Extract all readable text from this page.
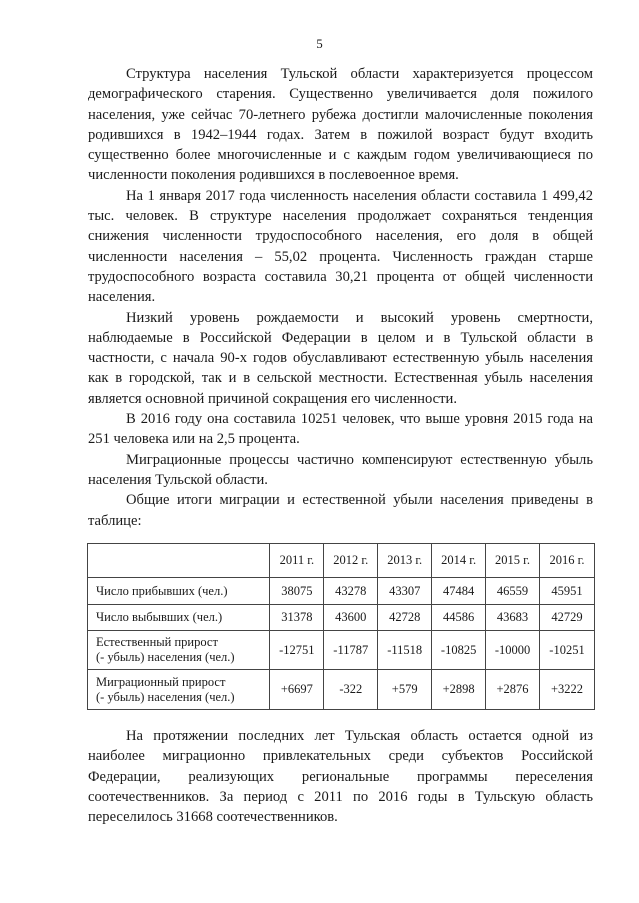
5

Структура населения Тульской области характеризуется процессом демографического старения. Существенно увеличивается доля пожилого населения, уже сейчас 70-летнего рубежа достигли малочисленные поколения родившихся в 1942–1944 годах. Затем в пожилой возраст будут входить существенно более многочисленные и с каждым годом увеличивающиеся по численности поколения родившихся в послевоенное время.

На 1 января 2017 года численность населения области составила 1 499,42 тыс. человек. В структуре населения продолжает сохраняться тенденция снижения численности трудоспособного населения, его доля в общей численности населения – 55,02 процента. Численность граждан старше трудоспособного возраста составила 30,21 процента от общей численности населения.

Низкий уровень рождаемости и высокий уровень смертности, наблюдаемые в Российской Федерации в целом и в Тульской области в частности, с начала 90-х годов обуславливают естественную убыль населения как в городской, так и в сельской местности. Естественная убыль населения является основной причиной сокращения его численности.

В 2016 году она составила 10251 человек, что выше уровня 2015 года на 251 человека или на 2,5 процента.

Миграционные процессы частично компенсируют естественную убыль населения Тульской области.

Общие итоги миграции и естественной убыли населения приведены в таблице:

	2011 г.	2012 г.	2013 г.	2014 г.	2015 г.	2016 г.
Число прибывших (чел.)	38075	43278	43307	47484	46559	45951
Число выбывших (чел.)	31378	43600	42728	44586	43683	42729
Естественный прирост
(- убыль) населения (чел.)	-12751	-11787	-11518	-10825	-10000	-10251
Миграционный прирост
(- убыль) населения (чел.)	+6697	-322	+579	+2898	+2876	+3222

На протяжении последних лет Тульская область остается одной из наиболее миграционно привлекательных среди субъектов Российской Федерации, реализующих региональные программы переселения соотечественников. За период с 2011 по 2016 годы в Тульскую область переселилось 31668 соотечественников.
